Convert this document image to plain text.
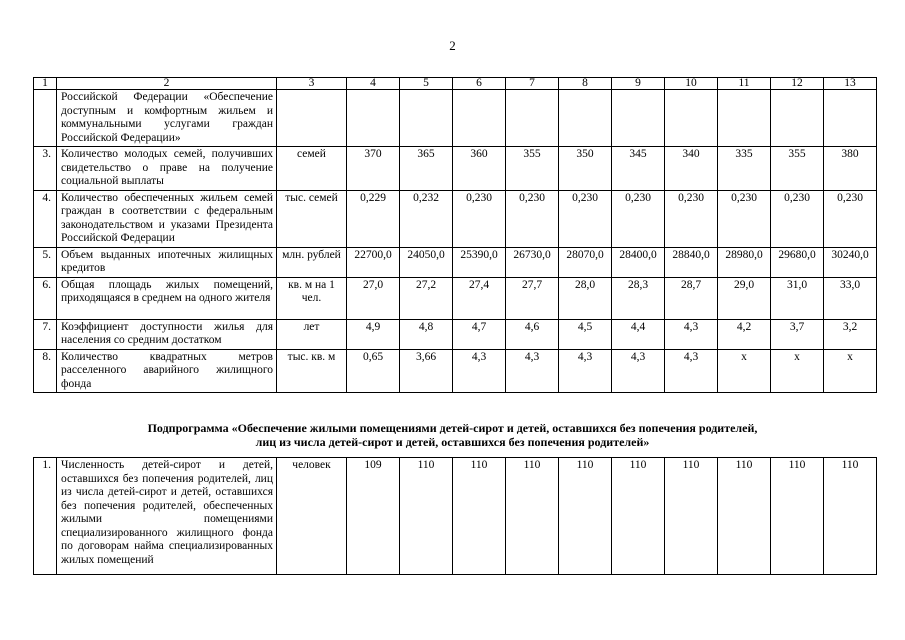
2
1	2	3	4	5	6	7	8	9	10	11	12	13
	Российской Федерации «Обеспечение доступным и комфортным жильем и коммунальными услугами граждан Российской Федерации»											
3.	Количество молодых семей, получивших свидетельство о праве на получение социальной выплаты	семей	370	365	360	355	350	345	340	335	355	380
4.	Количество обеспеченных жильем семей граждан в соответствии с федеральным законодательством и указами Президента Российской Федерации	тыс. семей	0,229	0,232	0,230	0,230	0,230	0,230	0,230	0,230	0,230	0,230
5.	Объем выданных ипотечных жилищных кредитов	млн. рублей	22700,0	24050,0	25390,0	26730,0	28070,0	28400,0	28840,0	28980,0	29680,0	30240,0
6.	Общая площадь жилых помещений, приходящаяся в среднем на одного жителя	кв. м на 1 чел.	27,0	27,2	27,4	27,7	28,0	28,3	28,7	29,0	31,0	33,0
7.	Коэффициент доступности жилья для населения со средним достатком	лет	4,9	4,8	4,7	4,6	4,5	4,4	4,3	4,2	3,7	3,2
8.	Количество квадратных метров расселенного аварийного жилищного фонда	тыс. кв. м	0,65	3,66	4,3	4,3	4,3	4,3	4,3	х	х	х
Подпрограмма «Обеспечение жилыми помещениями детей-сирот и детей, оставшихся без попечения родителей,
лиц из числа детей-сирот и детей, оставшихся без попечения родителей»
1.	Численность детей-сирот и детей, оставшихся без попечения родителей, лиц из числа детей-сирот и детей, оставшихся без попечения родителей, обеспеченных жилыми помещениями специализированного жилищного фонда по договорам найма специализированных жилых помещений	человек	109	110	110	110	110	110	110	110	110	110
